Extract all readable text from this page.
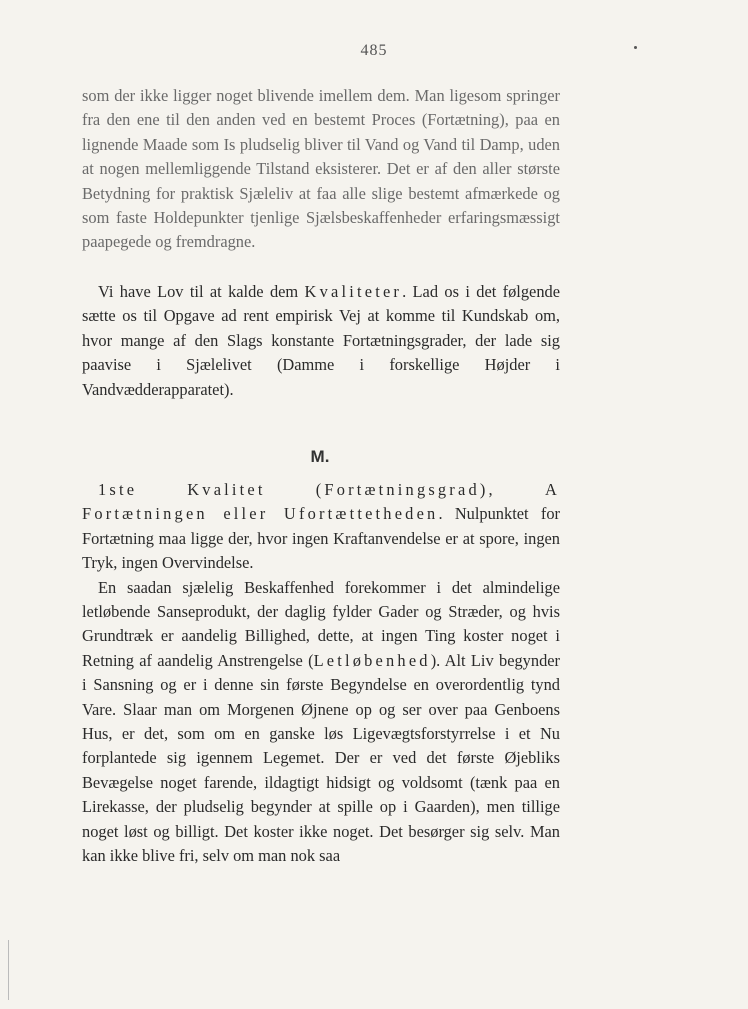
485

som der ikke ligger noget blivende imellem dem. Man ligesom springer fra den ene til den anden ved en bestemt Proces (Fortætning), paa en lignende Maade som Is pludselig bliver til Vand og Vand til Damp, uden at nogen mellemliggende Tilstand eksisterer. Det er af den aller største Betydning for praktisk Sjæleliv at faa alle slige bestemt afmærkede og som faste Holdepunkter tjenlige Sjælsbeskaffenheder erfaringsmæssigt paapegede og fremdragne.

Vi have Lov til at kalde dem Kvaliteter. Lad os i det følgende sætte os til Opgave ad rent empirisk Vej at komme til Kundskab om, hvor mange af den Slags konstante Fortætningsgrader, der lade sig paavise i Sjælelivet (Damme i forskellige Højder i Vandvædderapparatet).

M.

1ste Kvalitet (Fortætningsgrad), A Fortætningen eller Ufortættetheden. Nulpunktet for Fortætning maa ligge der, hvor ingen Kraftanvendelse er at spore, ingen Tryk, ingen Overvindelse.

En saadan sjælelig Beskaffenhed forekommer i det almindelige letløbende Sanseprodukt, der daglig fylder Gader og Stræder, og hvis Grundtræk er aandelig Billighed, dette, at ingen Ting koster noget i Retning af aandelig Anstrengelse (Letløbenhed). Alt Liv begynder i Sansning og er i denne sin første Begyndelse en overordentlig tynd Vare. Slaar man om Morgenen Øjnene op og ser over paa Genboens Hus, er det, som om en ganske løs Ligevægtsforstyrrelse i et Nu forplantede sig igennem Legemet. Der er ved det første Øjebliks Bevægelse noget farende, ildagtigt hidsigt og voldsomt (tænk paa en Lirekasse, der pludselig begynder at spille op i Gaarden), men tillige noget løst og billigt. Det koster ikke noget. Det besørger sig selv. Man kan ikke blive fri, selv om man nok saa
